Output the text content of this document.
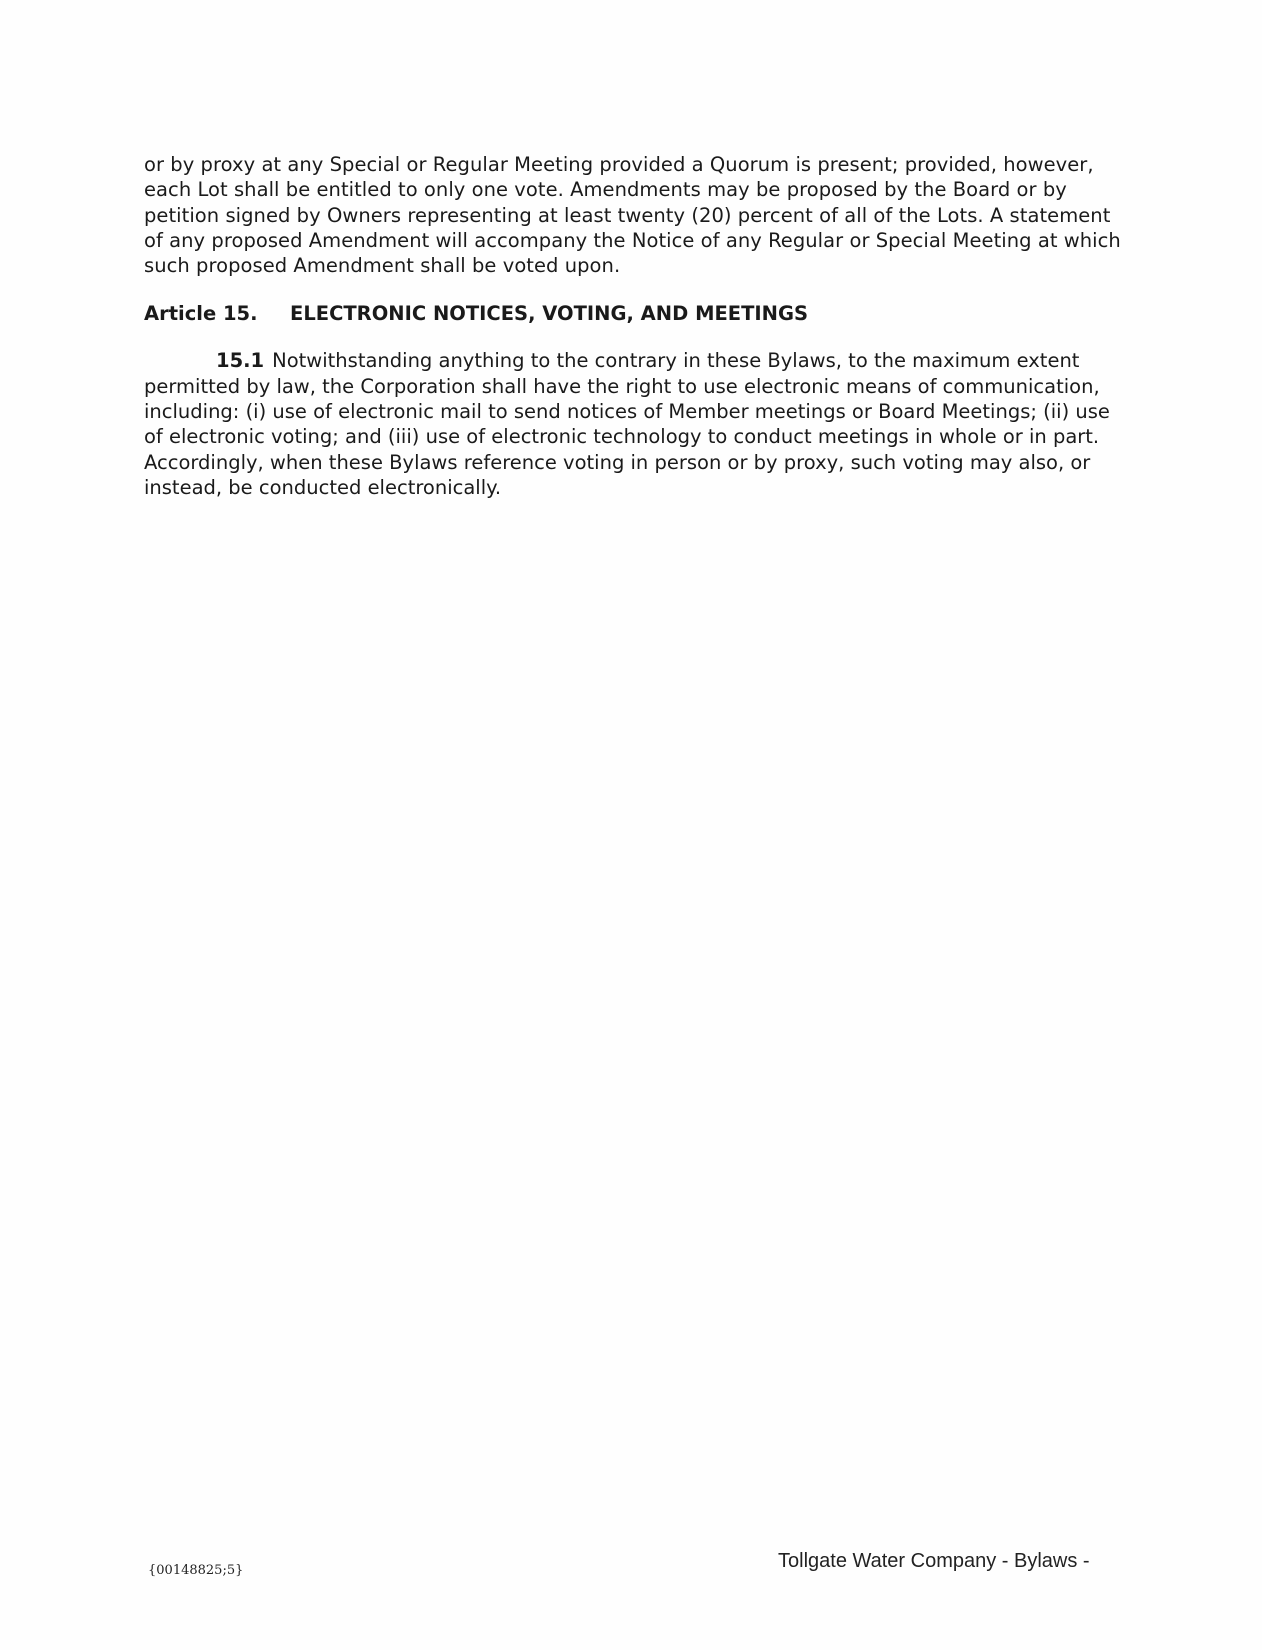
or by proxy at any Special or Regular Meeting provided a Quorum is present; provided, however, each Lot shall be entitled to only one vote. Amendments may be proposed by the Board or by petition signed by Owners representing at least twenty (20) percent of all of the Lots. A statement of any proposed Amendment will accompany the Notice of any Regular or Special Meeting at which such proposed Amendment shall be voted upon.

Article 15.	ELECTRONIC NOTICES, VOTING, AND MEETINGS

15.1 Notwithstanding anything to the contrary in these Bylaws, to the maximum extent permitted by law, the Corporation shall have the right to use electronic means of communication, including: (i) use of electronic mail to send notices of Member meetings or Board Meetings; (ii) use of electronic voting; and (iii) use of electronic technology to conduct meetings in whole or in part. Accordingly, when these Bylaws reference voting in person or by proxy, such voting may also, or instead, be conducted electronically.

{00148825;5}	Tollgate Water Company - Bylaws -
